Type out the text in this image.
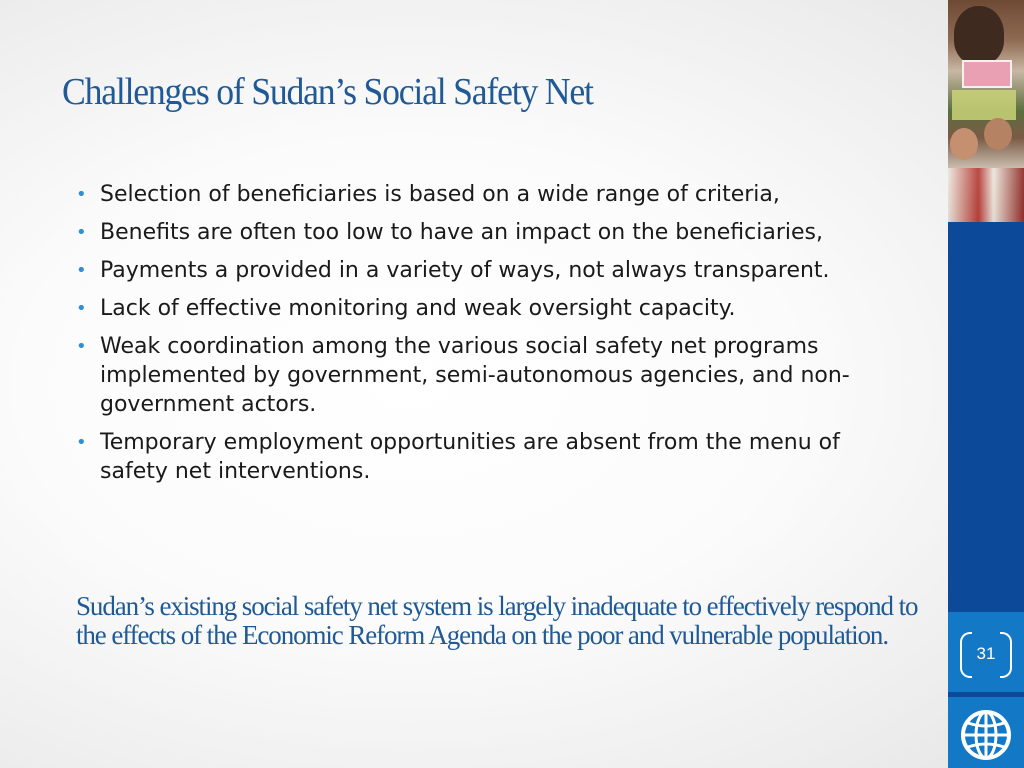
Challenges of Sudan’s Social Safety Net
• Selection of beneficiaries is based on a wide range of criteria,
• Benefits are often too low to have an impact on the beneficiaries,
• Payments a provided in a variety of ways, not always transparent.
• Lack of effective monitoring and weak oversight capacity.
• Weak coordination among the various social safety net programs implemented by government, semi-autonomous agencies, and non-government actors.
• Temporary employment opportunities are absent from the menu of safety net interventions.

Sudan’s existing social safety net system is largely inadequate to effectively respond to the effects of the Economic Reform Agenda on the poor and vulnerable population.

31
